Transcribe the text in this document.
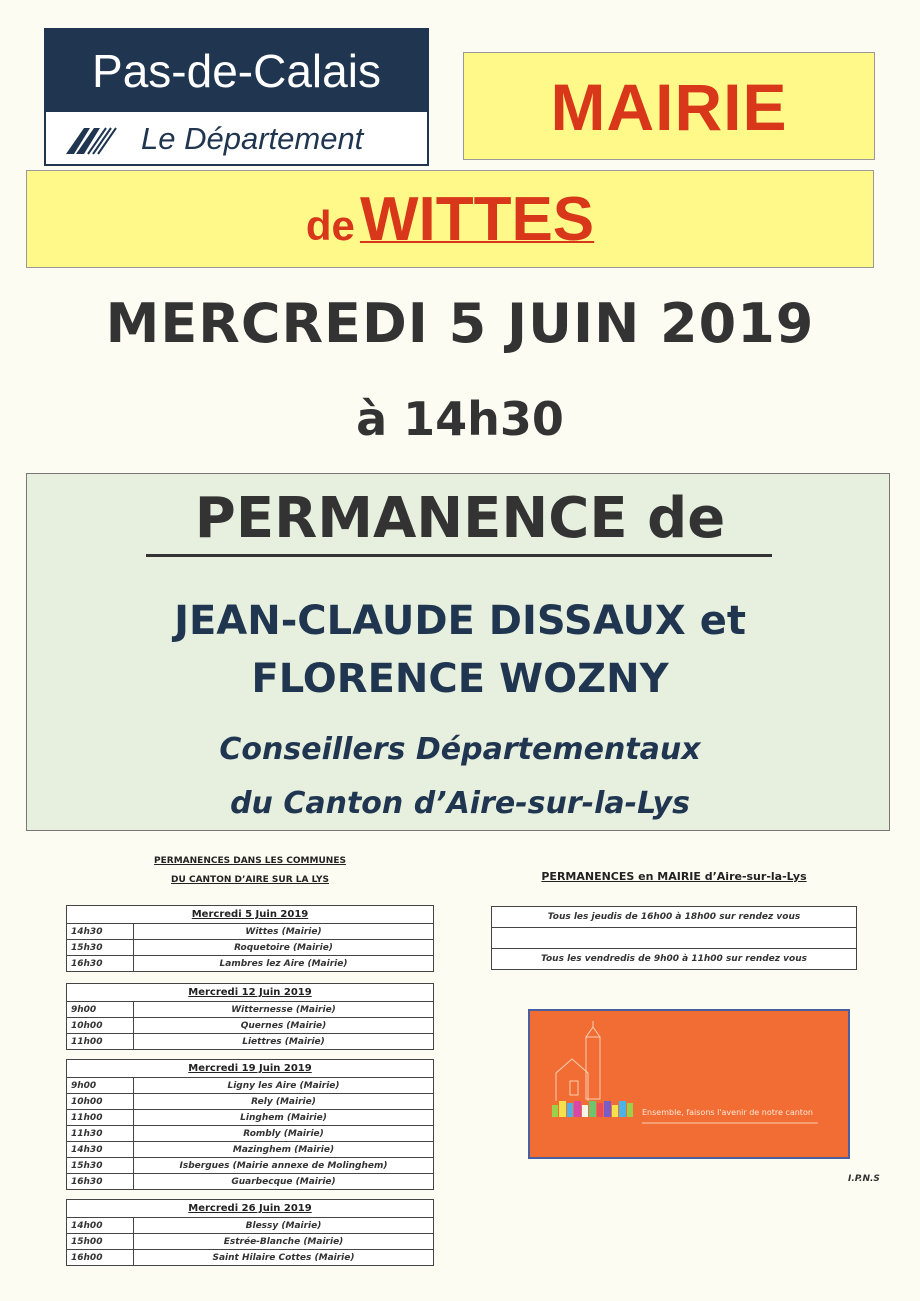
Pas-de-Calais
Le Département	MAIRIE
de WITTES
MERCREDI 5 JUIN 2019
à 14h30
PERMANENCE de
JEAN-CLAUDE DISSAUX et
FLORENCE WOZNY
Conseillers Départementaux
du Canton d’Aire-sur-la-Lys
PERMANENCES DANS LES COMMUNES
DU CANTON D’AIRE SUR LA LYS
Mercredi 5 Juin 2019	
14h30	Wittes (Mairie)
15h30	Roquetoire (Mairie)
16h30	Lambres lez Aire (Mairie)
Mercredi 12 Juin 2019	
9h00	Witternesse (Mairie)
10h00	Quernes (Mairie)
11h00	Liettres (Mairie)
Mercredi 19 Juin 2019	
9h00	Ligny les Aire (Mairie)
10h00	Rely (Mairie)
11h00	Linghem (Mairie)
11h30	Rombly (Mairie)
14h30	Mazinghem (Mairie)
15h30	Isbergues (Mairie annexe de Molinghem)
16h30	Guarbecque (Mairie)
Mercredi 26 Juin 2019	
14h00	Blessy (Mairie)
15h00	Estrée-Blanche (Mairie)
16h00	Saint Hilaire Cottes (Mairie)
PERMANENCES en MAIRIE d’Aire-sur-la-Lys
Tous les jeudis de 16h00 à 18h00 sur rendez vous

Tous les vendredis de 9h00 à 11h00 sur rendez vous
Ensemble, faisons l'avenir de notre canton
I.P.N.S
